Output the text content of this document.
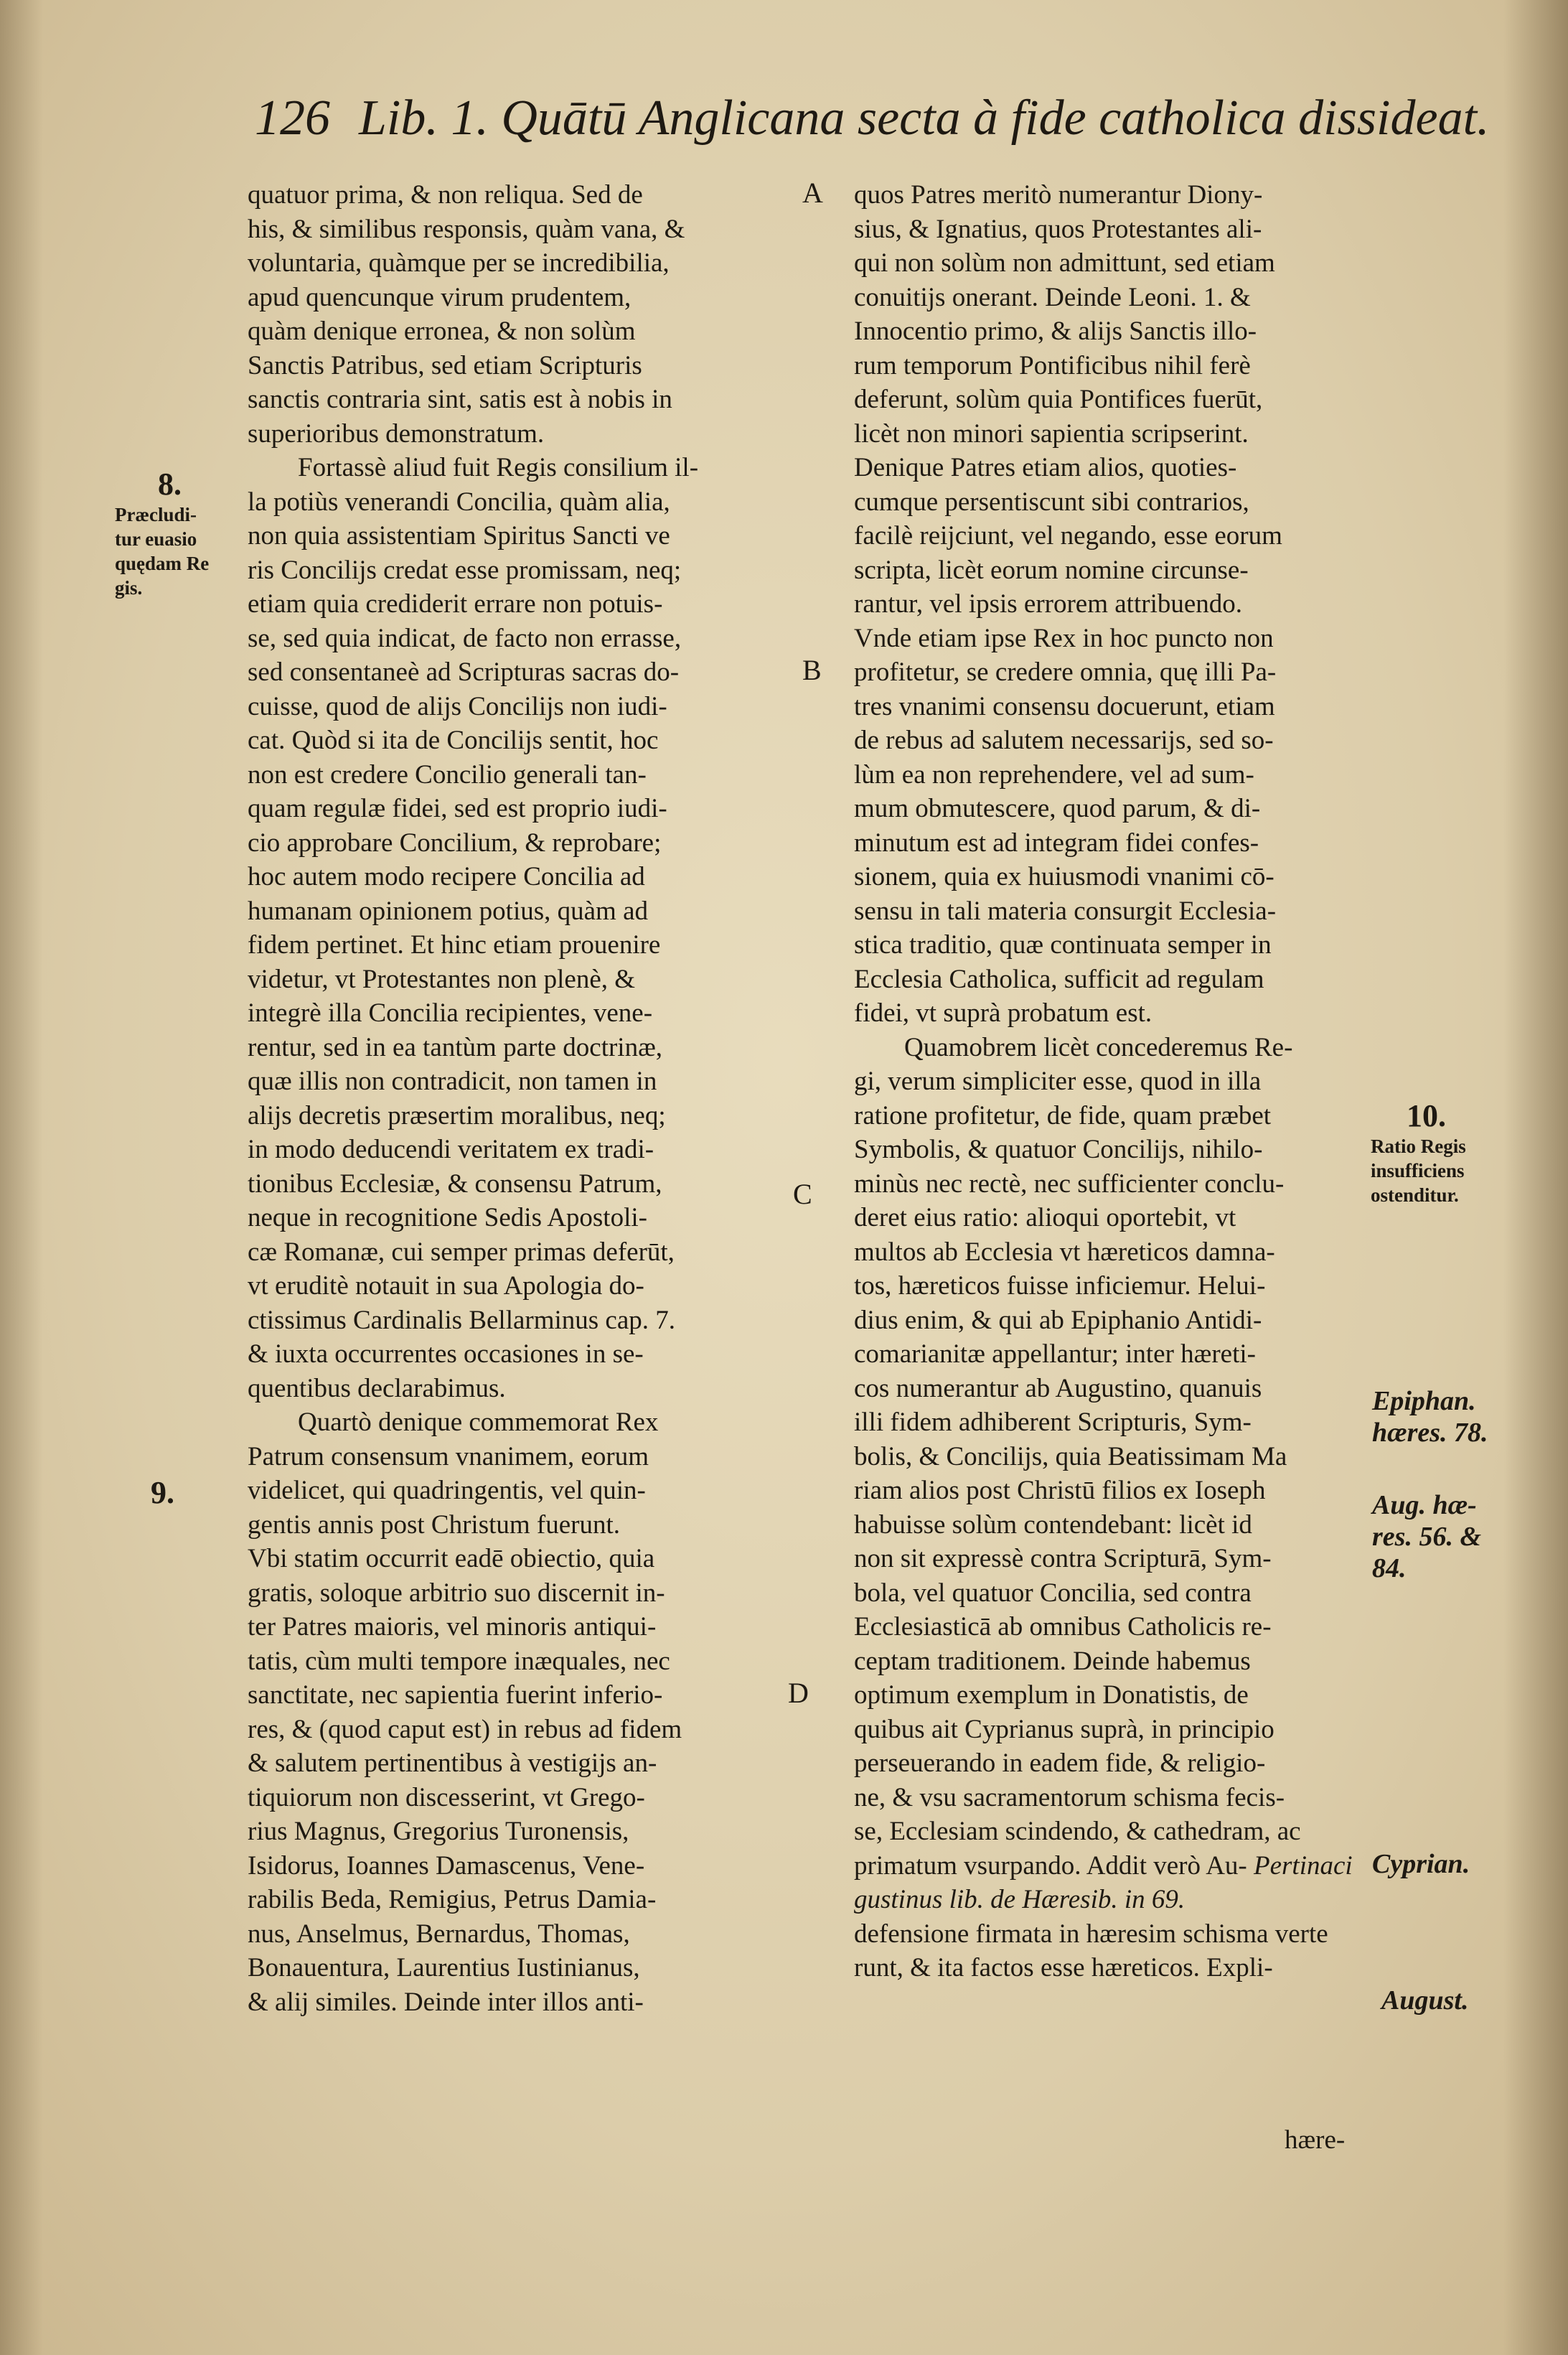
126 Lib. 1. Quātū Anglicana secta à fide catholica dissideat.
A
B
C
D
8.
Præcludi-
tur euasio
quędam Re
gis.
9.
10.
Ratio Regis
insufficiens
ostenditur.
Epiphan.
hæres. 78.
Aug. hæ-
res. 56. &
84.
Cyprian.
August.
quatuor prima, & non reliqua. Sed de
his, & similibus responsis, quàm vana, &
voluntaria, quàmque per se incredibilia,
apud quencunque virum prudentem,
quàm denique erronea, & non solùm
Sanctis Patribus, sed etiam Scripturis
sanctis contraria sint, satis est à nobis in
superioribus demonstratum.
Fortassè aliud fuit Regis consilium il-
la potiùs venerandi Concilia, quàm alia,
non quia assistentiam Spiritus Sancti ve
ris Concilijs credat esse promissam, neq;
etiam quia crediderit errare non potuis-
se, sed quia indicat, de facto non errasse,
sed consentaneè ad Scripturas sacras do-
cuisse, quod de alijs Concilijs non iudi-
cat. Quòd si ita de Concilijs sentit, hoc
non est credere Concilio generali tan-
quam regulæ fidei, sed est proprio iudi-
cio approbare Concilium, & reprobare;
hoc autem modo recipere Concilia ad
humanam opinionem potius, quàm ad
fidem pertinet. Et hinc etiam prouenire
videtur, vt Protestantes non plenè, &
integrè illa Concilia recipientes, vene-
rentur, sed in ea tantùm parte doctrinæ,
quæ illis non contradicit, non tamen in
alijs decretis præsertim moralibus, neq;
in modo deducendi veritatem ex tradi-
tionibus Ecclesiæ, & consensu Patrum,
neque in recognitione Sedis Apostoli-
cæ Romanæ, cui semper primas deferūt,
vt eruditè notauit in sua Apologia do-
ctissimus Cardinalis Bellarminus cap. 7.
& iuxta occurrentes occasiones in se-
quentibus declarabimus.
Quartò denique commemorat Rex
Patrum consensum vnanimem, eorum
videlicet, qui quadringentis, vel quin-
gentis annis post Christum fuerunt.
Vbi statim occurrit eadē obiectio, quia
gratis, soloque arbitrio suo discernit in-
ter Patres maioris, vel minoris antiqui-
tatis, cùm multi tempore inæquales, nec
sanctitate, nec sapientia fuerint inferio-
res, & (quod caput est) in rebus ad fidem
& salutem pertinentibus à vestigijs an-
tiquiorum non discesserint, vt Grego-
rius Magnus, Gregorius Turonensis,
Isidorus, Ioannes Damascenus, Vene-
rabilis Beda, Remigius, Petrus Damia-
nus, Anselmus, Bernardus, Thomas,
Bonauentura, Laurentius Iustinianus,
& alij similes. Deinde inter illos anti-
quos Patres meritò numerantur Diony-
sius, & Ignatius, quos Protestantes ali-
qui non solùm non admittunt, sed etiam
conuitijs onerant. Deinde Leoni. 1. &
Innocentio primo, & alijs Sanctis illo-
rum temporum Pontificibus nihil ferè
deferunt, solùm quia Pontifices fuerūt,
licèt non minori sapientia scripserint.
Denique Patres etiam alios, quoties-
cumque persentiscunt sibi contrarios,
facilè reijciunt, vel negando, esse eorum
scripta, licèt eorum nomine circunse-
rantur, vel ipsis errorem attribuendo.
Vnde etiam ipse Rex in hoc puncto non
profitetur, se credere omnia, quę illi Pa-
tres vnanimi consensu docuerunt, etiam
de rebus ad salutem necessarijs, sed so-
lùm ea non reprehendere, vel ad sum-
mum obmutescere, quod parum, & di-
minutum est ad integram fidei confes-
sionem, quia ex huiusmodi vnanimi cō-
sensu in tali materia consurgit Ecclesia-
stica traditio, quæ continuata semper in
Ecclesia Catholica, sufficit ad regulam
fidei, vt suprà probatum est.
Quamobrem licèt concederemus Re-
gi, verum simpliciter esse, quod in illa
ratione profitetur, de fide, quam præbet
Symbolis, & quatuor Concilijs, nihilo-
minùs nec rectè, nec sufficienter conclu-
deret eius ratio: alioqui oportebit, vt
multos ab Ecclesia vt hæreticos damna-
tos, hæreticos fuisse inficiemur. Helui-
dius enim, & qui ab Epiphanio Antidi-
comarianitæ appellantur; inter hæreti-
cos numerantur ab Augustino, quanuis
illi fidem adhiberent Scripturis, Sym-
bolis, & Concilijs, quia Beatissimam Ma
riam alios post Christū filios ex Ioseph
habuisse solùm contendebant: licèt id
non sit expressè contra Scripturā, Sym-
bola, vel quatuor Concilia, sed contra
Ecclesiasticā ab omnibus Catholicis re-
ceptam traditionem. Deinde habemus
optimum exemplum in Donatistis, de
quibus ait Cyprianus suprà, in principio
perseuerando in eadem fide, & religio-
ne, & vsu sacramentorum schisma fecis-
se, Ecclesiam scindendo, & cathedram, ac
primatum vsurpando. Addit verò Au- Pertinaci
gustinus lib. de Hæresib. in 69.
defensione firmata in hæresim schisma verte
runt, & ita factos esse hæreticos. Expli-
hære-
